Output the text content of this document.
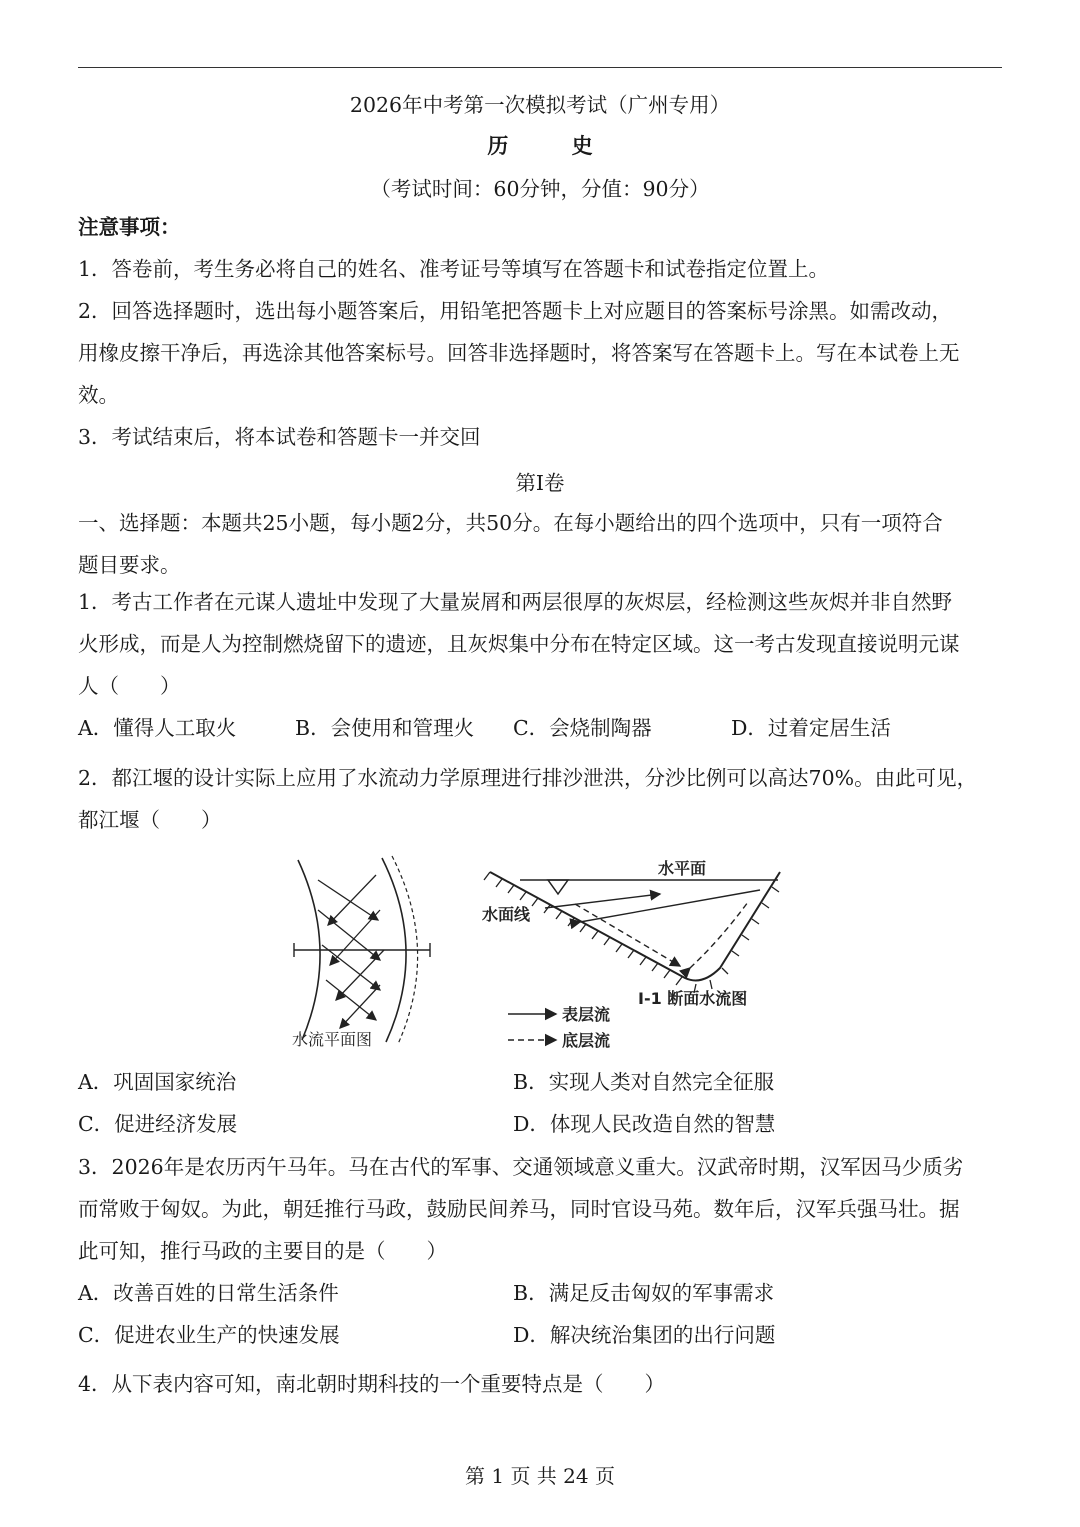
2026年中考第一次模拟考试（广州专用）
历 史
（考试时间：60分钟，分值：90分）
注意事项：
1．答卷前，考生务必将自己的姓名、准考证号等填写在答题卡和试卷指定位置上。
2．回答选择题时，选出每小题答案后，用铅笔把答题卡上对应题目的答案标号涂黑。如需改动，
用橡皮擦干净后，再选涂其他答案标号。回答非选择题时，将答案写在答题卡上。写在本试卷上无
效。
3．考试结束后，将本试卷和答题卡一并交回
第Ⅰ卷
一、选择题：本题共25小题，每小题2分，共50分。在每小题给出的四个选项中，只有一项符合
题目要求。
1．考古工作者在元谋人遗址中发现了大量炭屑和两层很厚的灰烬层，经检测这些灰烬并非自然野
火形成，而是人为控制燃烧留下的遗迹，且灰烬集中分布在特定区域。这一考古发现直接说明元谋
人（　　）
A．懂得人工取火	B．会使用和管理火 C．会烧制陶器	D．过着定居生活
2．都江堰的设计实际上应用了水流动力学原理进行排沙泄洪，分沙比例可以高达70%。由此可见，
都江堰（　　）
水流平面图
水平面
水面线
Ⅰ-1 断面水流图
表层流
底层流
A．巩固国家统治	B．实现人类对自然完全征服
C．促进经济发展	D．体现人民改造自然的智慧
3．2026年是农历丙午马年。马在古代的军事、交通领域意义重大。汉武帝时期，汉军因马少质劣
而常败于匈奴。为此，朝廷推行马政，鼓励民间养马，同时官设马苑。数年后，汉军兵强马壮。据
此可知，推行马政的主要目的是（　　）
A．改善百姓的日常生活条件	B．满足反击匈奴的军事需求
C．促进农业生产的快速发展	D．解决统治集团的出行问题
4．从下表内容可知，南北朝时期科技的一个重要特点是（　　）
第 1 页 共 24 页
